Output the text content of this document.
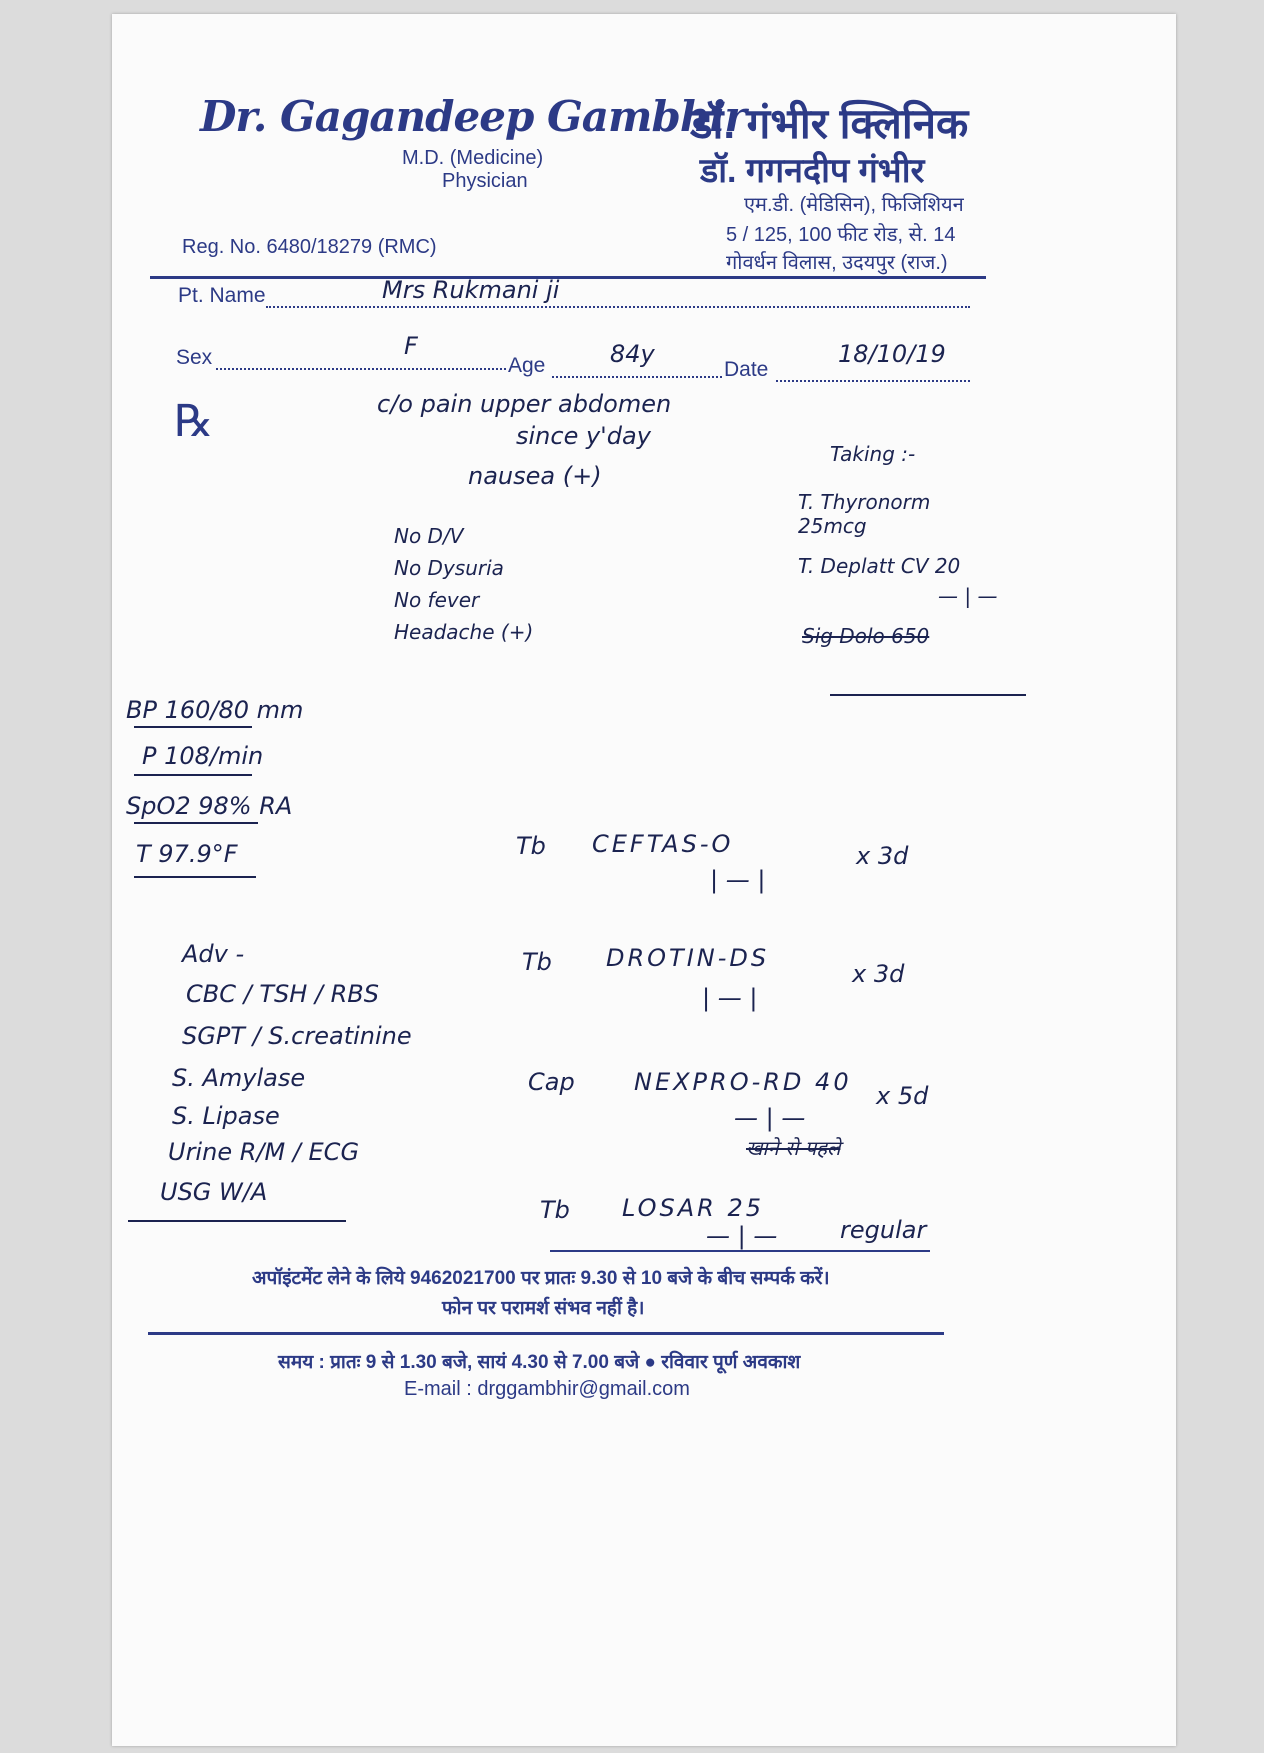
Dr. Gagandeep Gambhir
M.D. (Medicine)
Physician
Reg. No. 6480/18279 (RMC)
डॉ. गंभीर क्लिनिक
डॉ. गगनदीप गंभीर
एम.डी. (मेडिसिन), फिजिशियन
5 / 125, 100 फीट रोड, से. 14
गोवर्धन विलास, उदयपुर (राज.)
Pt. Name	Mrs Rukmani ji
Sex	F
Age	84y
Date
18/10/19
℞	c/o pain upper abdomen
since y'day
nausea (+)
No D/V
No Dysuria
No fever
Headache (+)
Taking :-
T. Thyronorm 25mcg
T. Deplatt CV 20
— | —
Sig Dolo 650
BP 160/80 mm
P 108/min
SpO2 98% RA
T 97.9°F	Tb CEFTAS-O
| — |
x 3d
Tb DROTIN-DS
| — |
x 3d
Cap NEXPRO-RD 40
— | —
खाने से पहले
x 5d
Tb LOSAR 25
— | —	regular
Adv -
CBC / TSH / RBS
SGPT / S.creatinine
S. Amylase
S. Lipase
Urine R/M / ECG
USG W/A
अपॉइंटमेंट लेने के लिये 9462021700 पर प्रातः 9.30 से 10 बजे के बीच सम्पर्क करें।
फोन पर परामर्श संभव नहीं है।
समय : प्रातः 9 से 1.30 बजे, सायं 4.30 से 7.00 बजे ● रविवार पूर्ण अवकाश
E-mail : drggambhir@gmail.com
